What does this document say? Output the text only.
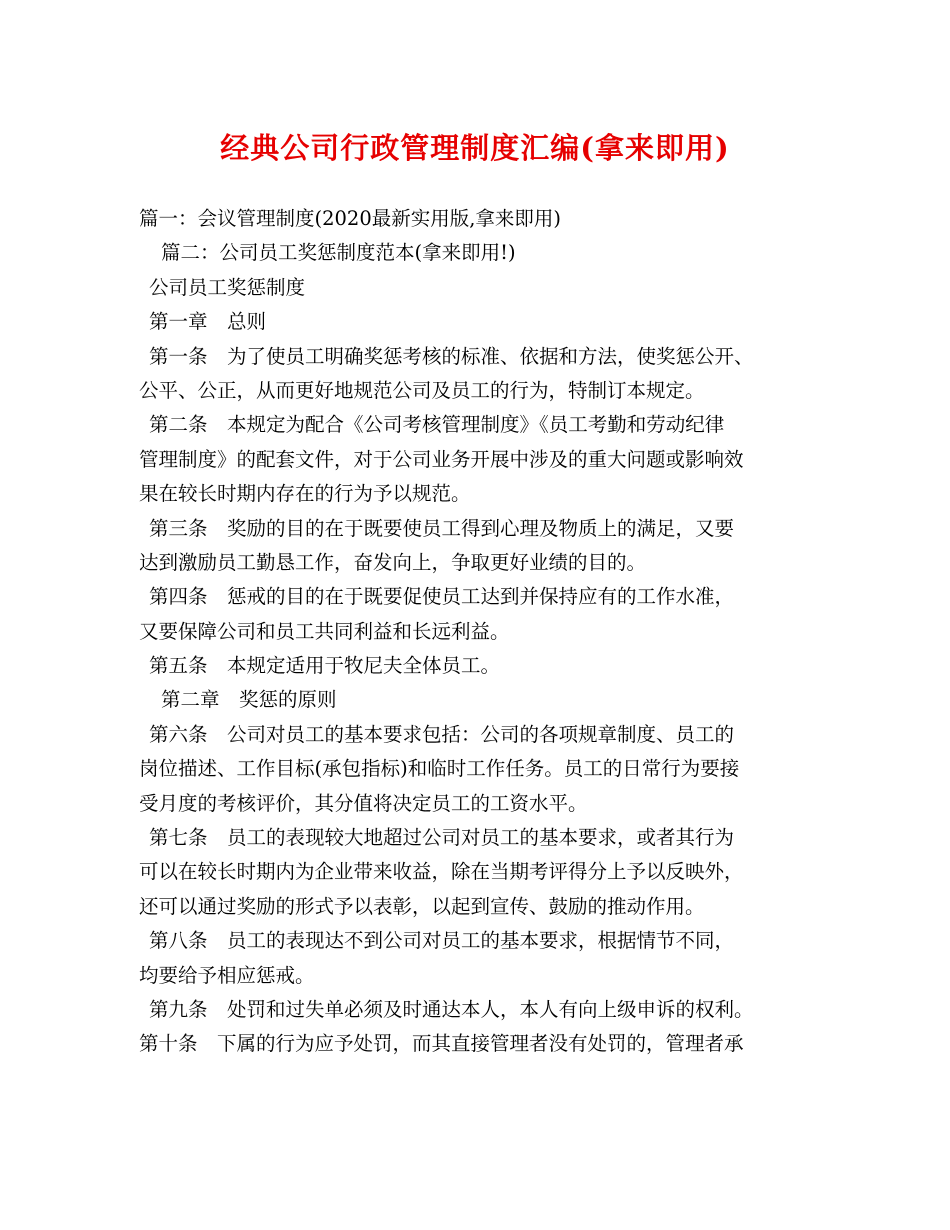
经典公司行政管理制度汇编(拿来即用)
篇一：会议管理制度(2020最新实用版,拿来即用)
篇二：公司员工奖惩制度范本(拿来即用!)
公司员工奖惩制度
第一章　总则
第一条　为了使员工明确奖惩考核的标准、依据和方法，使奖惩公开、
公平、公正，从而更好地规范公司及员工的行为，特制订本规定。
第二条　本规定为配合《公司考核管理制度》《员工考勤和劳动纪律
管理制度》的配套文件，对于公司业务开展中涉及的重大问题或影响效
果在较长时期内存在的行为予以规范。
第三条　奖励的目的在于既要使员工得到心理及物质上的满足，又要
达到激励员工勤恳工作，奋发向上，争取更好业绩的目的。
第四条　惩戒的目的在于既要促使员工达到并保持应有的工作水准，
又要保障公司和员工共同利益和长远利益。
第五条　本规定适用于牧尼夫全体员工。
第二章　奖惩的原则
第六条　公司对员工的基本要求包括：公司的各项规章制度、员工的
岗位描述、工作目标(承包指标)和临时工作任务。员工的日常行为要接
受月度的考核评价，其分值将决定员工的工资水平。
第七条　员工的表现较大地超过公司对员工的基本要求，或者其行为
可以在较长时期内为企业带来收益，除在当期考评得分上予以反映外，
还可以通过奖励的形式予以表彰，以起到宣传、鼓励的推动作用。
第八条　员工的表现达不到公司对员工的基本要求，根据情节不同，
均要给予相应惩戒。
第九条　处罚和过失单必须及时通达本人，本人有向上级申诉的权利。
第十条　下属的行为应予处罚，而其直接管理者没有处罚的，管理者承
